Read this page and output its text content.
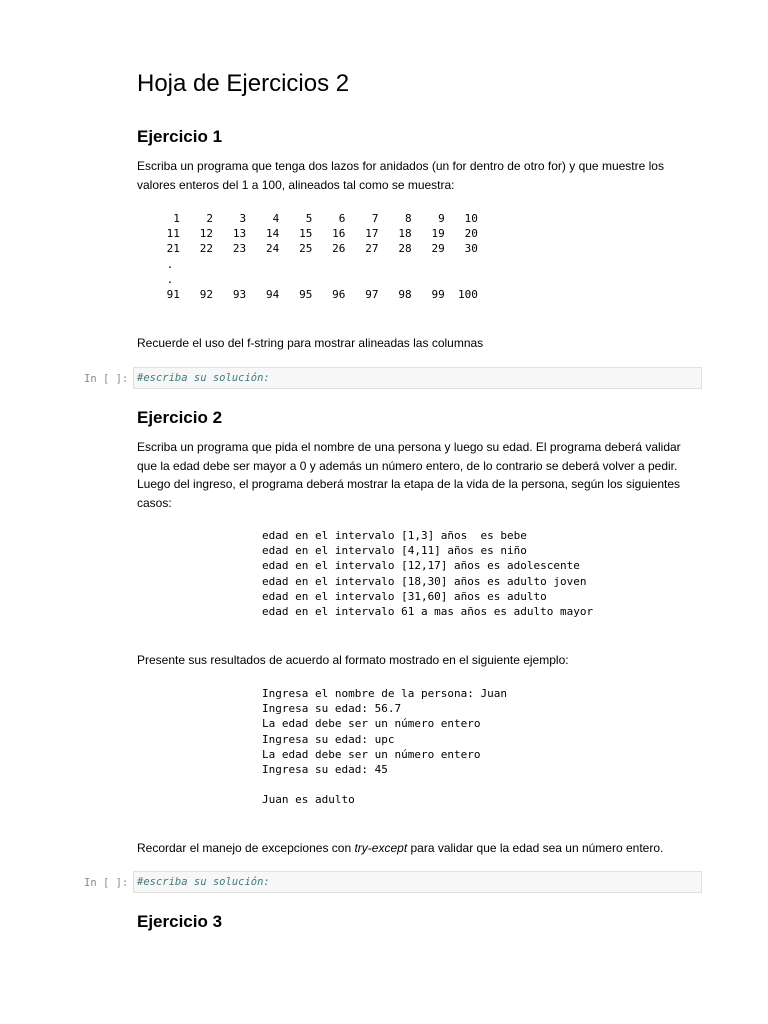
Hoja de Ejercicios 2
Ejercicio 1

Escriba un programa que tenga dos lazos for anidados (un for dentro de otro for) y que muestre los valores enteros del 1 a 100, alineados tal como se muestra:

1    2    3    4    5    6    7    8    9   10
11   12   13   14   15   16   17   18   19   20
21   22   23   24   25   26   27   28   29   30
.
.
91   92   93   94   95   96   97   98   99  100

Recuerde el uso del f-string para mostrar alineadas las columnas

In [ ]: #escriba su solución:
Ejercicio 2

Escriba un programa que pida el nombre de una persona y luego su edad. El programa deberá validar que la edad debe ser mayor a 0 y además un número entero, de lo contrario se deberá volver a pedir. Luego del ingreso, el programa deberá mostrar la etapa de la vida de la persona, según los siguientes casos:

edad en el intervalo [1,3] años  es bebe
edad en el intervalo [4,11] años es niño
edad en el intervalo [12,17] años es adolescente
edad en el intervalo [18,30] años es adulto joven
edad en el intervalo [31,60] años es adulto
edad en el intervalo 61 a mas años es adulto mayor

Presente sus resultados de acuerdo al formato mostrado en el siguiente ejemplo:

Ingresa el nombre de la persona: Juan
Ingresa su edad: 56.7
La edad debe ser un número entero
Ingresa su edad: upc
La edad debe ser un número entero
Ingresa su edad: 45

Juan es adulto

Recordar el manejo de excepciones con try-except para validar que la edad sea un número entero.

In [ ]: #escriba su solución:
Ejercicio 3
